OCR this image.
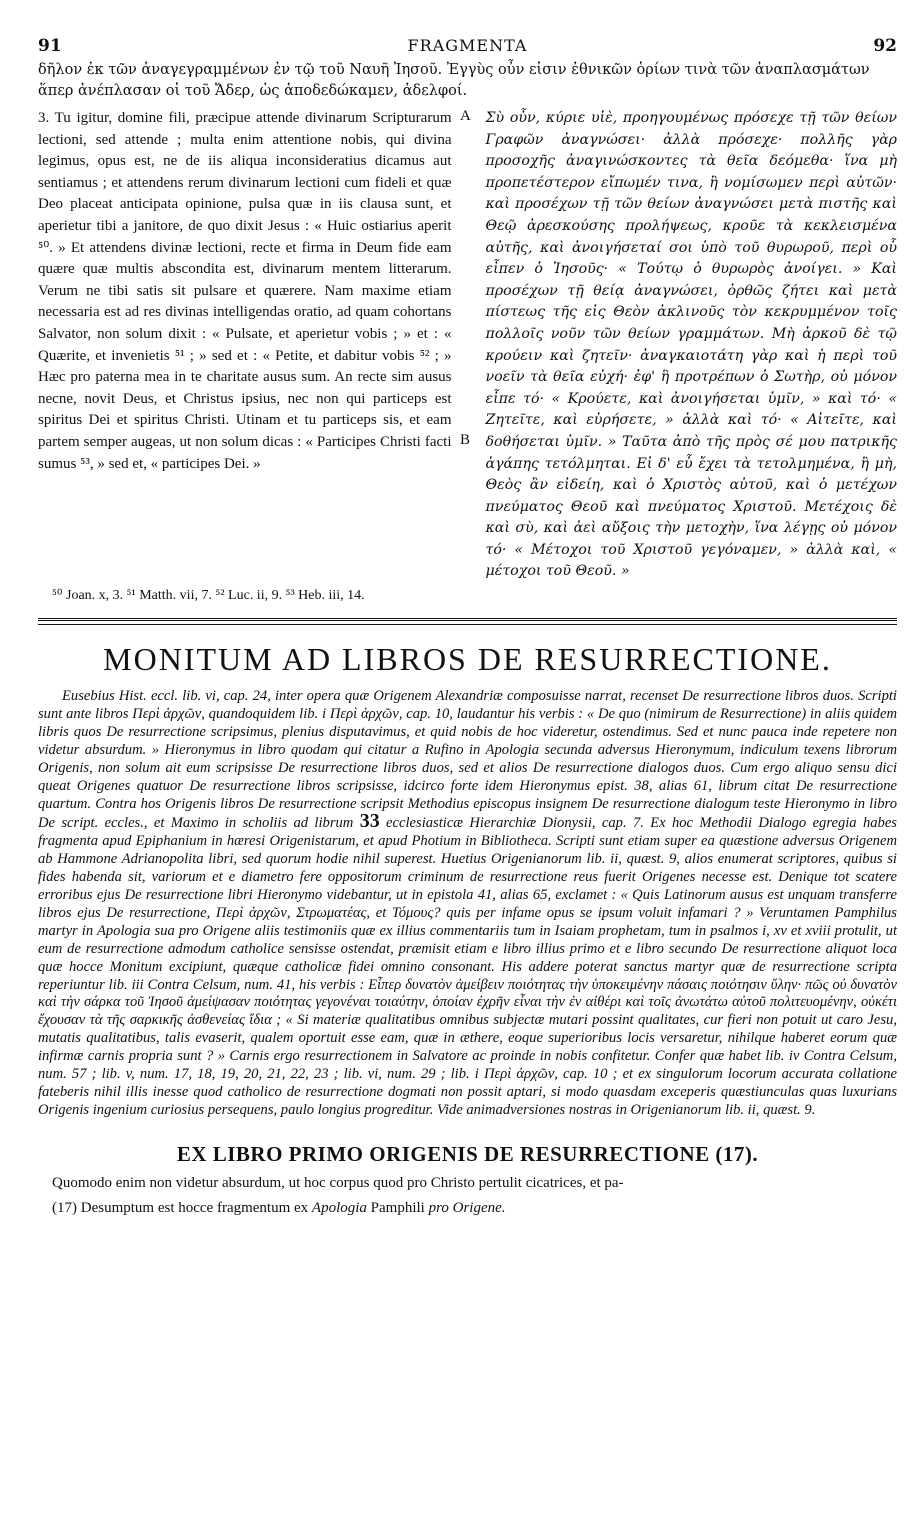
91	FRAGMENTA	92
δῆλον ἐκ τῶν ἀναγεγραμμένων ἐν τῷ τοῦ Ναυῆ Ἰησοῦ. Ἐγγὺς οὖν εἰσιν ἐθνικῶν ὁρίων τινὰ τῶν ἀναπλασμάτων ἅπερ ἀνέπλασαν οἱ τοῦ Ἄδερ, ὡς ἀποδεδώκαμεν, ἀδελφοί.
3. Tu igitur, domine fili, præcipue attende divinarum Scripturarum lectioni, sed attende ; multa enim attentione nobis, qui divina legimus, opus est, ne de iis aliqua inconsideratius dicamus aut sentiamus ; et attendens rerum divinarum lectioni cum fideli et quæ Deo placeat anticipata opinione, pulsa quæ in iis clausa sunt, et aperietur tibi a janitore, de quo dixit Jesus : « Huic ostiarius aperit ⁵⁰. » Et attendens divinæ lectioni, recte et firma in Deum fide eam quære quæ multis abscondita est, divinarum mentem litterarum. Verum ne tibi satis sit pulsare et quærere. Nam maxime etiam necessaria est ad res divinas intelligendas oratio, ad quam cohortans Salvator, non solum dixit : « Pulsate, et aperietur vobis ; » et : « Quærite, et invenietis ⁵¹ ; » sed et : « Petite, et dabitur vobis ⁵² ; » Hæc pro paterna mea in te charitate ausus sum. An recte sim ausus necne, novit Deus, et Christus ipsius, nec non qui particeps est spiritus Dei et spiritus Christi. Utinam et tu particeps sis, et eam partem semper augeas, ut non solum dicas : « Participes Christi facti sumus ⁵³, » sed et, « participes Dei. »
Σὺ οὖν, κύριε υἱὲ, προηγουμένως πρόσεχε τῇ τῶν θείων Γραφῶν ἀναγνώσει· ἀλλὰ πρόσεχε· πολλῆς γὰρ προσοχῆς ἀναγινώσκοντες τὰ θεῖα δεόμεθα· ἵνα μὴ προπετέστερον εἴπωμέν τινα, ἢ νομίσωμεν περὶ αὐτῶν· καὶ προσέχων τῇ τῶν θείων ἀναγνώσει μετὰ πιστῆς καὶ Θεῷ ἀρεσκούσης προλήψεως, κροῦε τὰ κεκλεισμένα αὐτῆς, καὶ ἀνοιγήσεταί σοι ὑπὸ τοῦ θυρωροῦ, περὶ οὗ εἶπεν ὁ Ἰησοῦς· « Τούτῳ ὁ θυρωρὸς ἀνοίγει. » Καὶ προσέχων τῇ θείᾳ ἀναγνώσει, ὀρθῶς ζήτει καὶ μετὰ πίστεως τῆς εἰς Θεὸν ἀκλινοῦς τὸν κεκρυμμένον τοῖς πολλοῖς νοῦν τῶν θείων γραμμάτων. Μὴ ἀρκοῦ δὲ τῷ κρούειν καὶ ζητεῖν· ἀναγκαιοτάτη γὰρ καὶ ἡ περὶ τοῦ νοεῖν τὰ θεῖα εὐχή· ἐφ' ἣ προτρέπων ὁ Σωτὴρ, οὐ μόνον εἶπε τό· « Κρούετε, καὶ ἀνοιγήσεται ὑμῖν, » καὶ τό· « Ζητεῖτε, καὶ εὑρήσετε, » ἀλλὰ καὶ τό· « Αἰτεῖτε, καὶ δοθήσεται ὑμῖν. » Ταῦτα ἀπὸ τῆς πρὸς σέ μου πατρικῆς ἀγάπης τετόλμηται. Εἰ δ' εὖ ἔχει τὰ τετολμημένα, ἢ μὴ, Θεὸς ἂν εἰδείη, καὶ ὁ Χριστὸς αὐτοῦ, καὶ ὁ μετέχων πνεύματος Θεοῦ καὶ πνεύματος Χριστοῦ. Μετέχοις δὲ καὶ σὺ, καὶ ἀεὶ αὔξοις τὴν μετοχὴν, ἵνα λέγῃς οὐ μόνον τό· « Μέτοχοι τοῦ Χριστοῦ γεγόναμεν, » ἀλλὰ καὶ, « μέτοχοι τοῦ Θεοῦ. »
A
B
⁵⁰ Joan. x, 3. ⁵¹ Matth. vii, 7. ⁵² Luc. ii, 9. ⁵³ Heb. iii, 14.
MONITUM AD LIBROS DE RESURRECTIONE.

Eusebius Hist. eccl. lib. vi, cap. 24, inter opera quæ Origenem Alexandriæ composuisse narrat, recenset De resurrectione libros duos. Scripti sunt ante libros Περὶ ἀρχῶν, quandoquidem lib. i Περὶ ἀρχῶν, cap. 10, laudantur his verbis : « De quo (nimirum de Resurrectione) in aliis quidem libris quos De resurrectione scripsimus, plenius disputavimus, et quid nobis de hoc videretur, ostendimus. Sed et nunc pauca inde repetere non videtur absurdum. » Hieronymus in libro quodam qui citatur a Rufino in Apologia secunda adversus Hieronymum, indiculum texens librorum Origenis, non solum ait eum scripsisse De resurrectione libros duos, sed et alios De resurrectione dialogos duos. Cum ergo aliquo sensu dici queat Origenes quatuor De resurrectione libros scripsisse, idcirco forte idem Hieronymus epist. 38, alias 61, librum citat De resurrectione quartum. Contra hos Origenis libros De resurrectione scripsit Methodius episcopus insignem De resurrectione dialogum teste Hieronymo in libro De script. eccles., et Maximo in scholiis ad librum 33 ecclesiasticæ Hierarchiæ Dionysii, cap. 7. Ex hoc Methodii Dialogo egregia habes fragmenta apud Epiphanium in hæresi Origenistarum, et apud Photium in Bibliotheca. Scripti sunt etiam super ea quæstione adversus Origenem ab Hammone Adrianopolita libri, sed quorum hodie nihil superest. Huetius Origenianorum lib. ii, quæst. 9, alios enumerat scriptores, quibus si fides habenda sit, variorum et e diametro fere oppositorum criminum de resurrectione reus fuerit Origenes necesse est. Denique tot scatere erroribus ejus De resurrectione libri Hieronymo videbantur, ut in epistola 41, alias 65, exclamet : « Quis Latinorum ausus est unquam transferre libros ejus De resurrectione, Περὶ ἀρχῶν, Στρωματέας, et Τόμους? quis per infame opus se ipsum voluit infamari ? » Veruntamen Pamphilus martyr in Apologia sua pro Origene aliis testimoniis quæ ex illius commentariis tum in Isaiam prophetam, tum in psalmos i, xv et xviii protulit, ut eum de resurrectione admodum catholice sensisse ostendat, præmisit etiam e libro illius primo et e libro secundo De resurrectione aliquot loca quæ hocce Monitum excipiunt, quæque catholicæ fidei omnino consonant. His addere poterat sanctus martyr quæ de resurrectione scripta reperiuntur lib. iii Contra Celsum, num. 41, his verbis : Εἶπερ δυνατὸν ἀμείβειν ποιότητας τὴν ὑποκειμένην πάσαις ποιότησιν ὕλην· πῶς οὐ δυνατὸν καὶ τὴν σάρκα τοῦ Ἰησοῦ ἀμείψασαν ποιότητας γεγονέναι τοιαύτην, ὁποίαν ἐχρῆν εἶναι τὴν ἐν αἰθέρι καὶ τοῖς ἀνωτάτω αὐτοῦ πολιτευομένην, οὐκέτι ἔχουσαν τὰ τῆς σαρκικῆς ἀσθενείας ἴδια ; « Si materiæ qualitatibus omnibus subjectæ mutari possint qualitates, cur fieri non potuit ut caro Jesu, mutatis qualitatibus, talis evaserit, qualem oportuit esse eam, quæ in æthere, eoque superioribus locis versaretur, nihilque haberet eorum quæ infirmæ carnis propria sunt ? » Carnis ergo resurrectionem in Salvatore ac proinde in nobis confitetur. Confer quæ habet lib. iv Contra Celsum, num. 57 ; lib. v, num. 17, 18, 19, 20, 21, 22, 23 ; lib. vi, num. 29 ; lib. i Περὶ ἀρχῶν, cap. 10 ; et ex singulorum locorum accurata collatione fateberis nihil illis inesse quod catholico de resurrectione dogmati non possit aptari, si modo quasdam exceperis quæstiunculas quas luxurians Origenis ingenium curiosius persequens, paulo longius progreditur. Vide animadversiones nostras in Origenianorum lib. ii, quæst. 9.

EX LIBRO PRIMO ORIGENIS DE RESURRECTIONE (17).

Quomodo enim non videtur absurdum, ut hoc corpus quod pro Christo pertulit cicatrices, et pa-

(17) Desumptum est hocce fragmentum ex Apologia Pamphili pro Origene.
